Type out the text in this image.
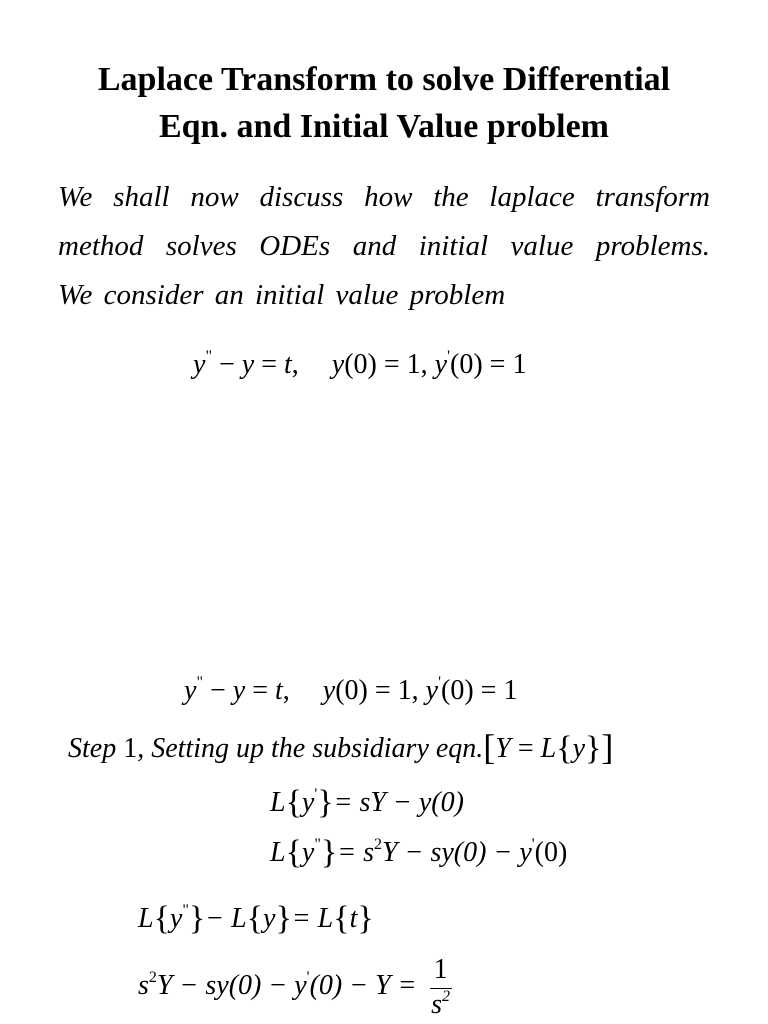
Laplace Transform to solve Differential
Eqn. and Initial Value problem

We shall now discuss how the laplace transform
method solves ODEs and initial value problems.
We consider an initial value problem

y" − y = t, y(0) = 1, y'(0) = 1
y" − y = t, y(0) = 1, y'(0) = 1
Step 1, Setting up the subsidiary eqn.[Y = L{y}]
L{y'}= sY − y(0)
$L\{y^"\}= s^2Y - sy(0) - y'(0)$
L{y"}− L{y}= L{t}
$s^2Y - sy(0) - y'(0) - Y = \frac{1}{s^2}$
